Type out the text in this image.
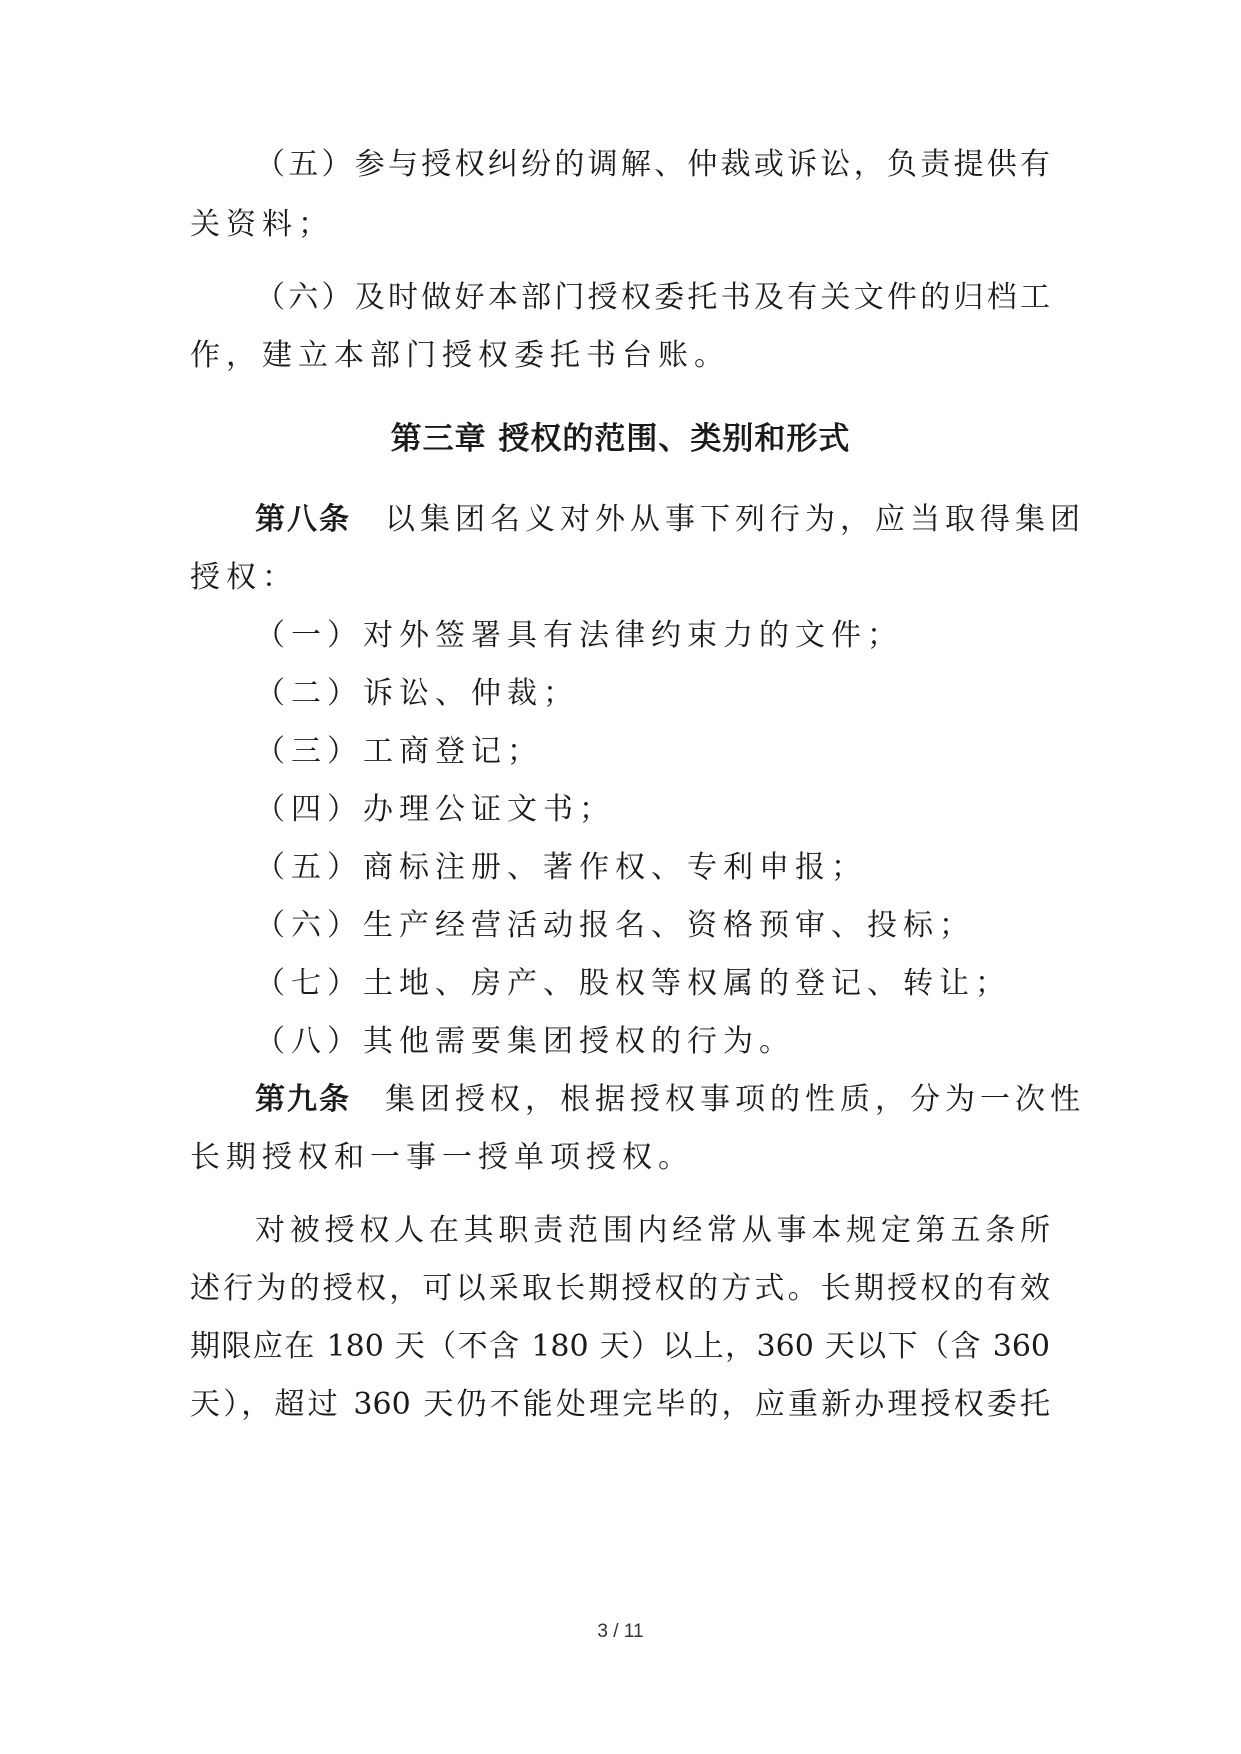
（五）参与授权纠纷的调解、仲裁或诉讼，负责提供有
关资料；
（六）及时做好本部门授权委托书及有关文件的归档工
作，建立本部门授权委托书台账。
第三章 授权的范围、类别和形式
第八条 以集团名义对外从事下列行为，应当取得集团
授权：
（一）对外签署具有法律约束力的文件；
（二）诉讼、仲裁；
（三）工商登记；
（四）办理公证文书；
（五）商标注册、著作权、专利申报；
（六）生产经营活动报名、资格预审、投标；
（七）土地、房产、股权等权属的登记、转让；
（八）其他需要集团授权的行为。
第九条 集团授权，根据授权事项的性质，分为一次性
长期授权和一事一授单项授权。
对被授权人在其职责范围内经常从事本规定第五条所
述行为的授权，可以采取长期授权的方式。长期授权的有效
期限应在 180 天（不含 180 天）以上，360 天以下（含 360
天），超过 360 天仍不能处理完毕的，应重新办理授权委托
3 / 11
